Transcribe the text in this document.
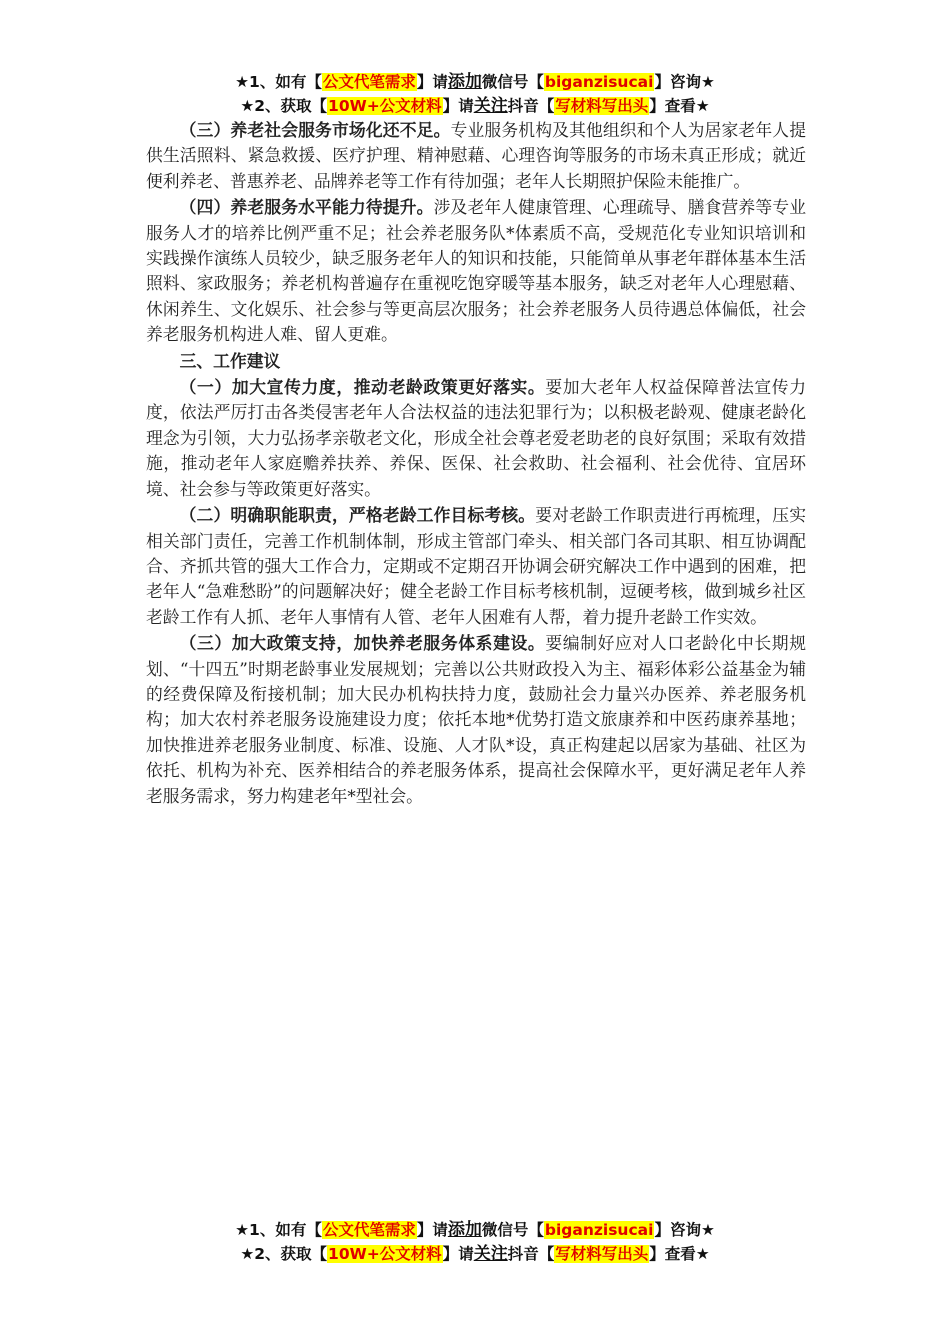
★1、如有【公文代笔需求】请添加微信号【biganzisucai】咨询★
★2、获取【10W+公文材料】请关注抖音【写材料写出头】查看★

（三）养老社会服务市场化还不足。专业服务机构及其他组织和个人为居家老年人提供生活照料、紧急救援、医疗护理、精神慰藉、心理咨询等服务的市场未真正形成；就近便利养老、普惠养老、品牌养老等工作有待加强；老年人长期照护保险未能推广。

（四）养老服务水平能力待提升。涉及老年人健康管理、心理疏导、膳食营养等专业服务人才的培养比例严重不足；社会养老服务队*体素质不高，受规范化专业知识培训和实践操作演练人员较少，缺乏服务老年人的知识和技能，只能简单从事老年群体基本生活照料、家政服务；养老机构普遍存在重视吃饱穿暖等基本服务，缺乏对老年人心理慰藉、休闲养生、文化娱乐、社会参与等更高层次服务；社会养老服务人员待遇总体偏低，社会养老服务机构进人难、留人更难。

三、工作建议

（一）加大宣传力度，推动老龄政策更好落实。要加大老年人权益保障普法宣传力度，依法严厉打击各类侵害老年人合法权益的违法犯罪行为；以积极老龄观、健康老龄化理念为引领，大力弘扬孝亲敬老文化，形成全社会尊老爱老助老的良好氛围；采取有效措施，推动老年人家庭赡养扶养、养保、医保、社会救助、社会福利、社会优待、宜居环境、社会参与等政策更好落实。

（二）明确职能职责，严格老龄工作目标考核。要对老龄工作职责进行再梳理，压实相关部门责任，完善工作机制体制，形成主管部门牵头、相关部门各司其职、相互协调配合、齐抓共管的强大工作合力，定期或不定期召开协调会研究解决工作中遇到的困难，把老年人“急难愁盼”的问题解决好；健全老龄工作目标考核机制，逗硬考核，做到城乡社区老龄工作有人抓、老年人事情有人管、老年人困难有人帮，着力提升老龄工作实效。

（三）加大政策支持，加快养老服务体系建设。要编制好应对人口老龄化中长期规划、“十四五”时期老龄事业发展规划；完善以公共财政投入为主、福彩体彩公益基金为辅的经费保障及衔接机制；加大民办机构扶持力度，鼓励社会力量兴办医养、养老服务机构；加大农村养老服务设施建设力度；依托本地*优势打造文旅康养和中医药康养基地；加快推进养老服务业制度、标准、设施、人才队*设，真正构建起以居家为基础、社区为依托、机构为补充、医养相结合的养老服务体系，提高社会保障水平，更好满足老年人养老服务需求，努力构建老年*型社会。

★1、如有【公文代笔需求】请添加微信号【biganzisucai】咨询★
★2、获取【10W+公文材料】请关注抖音【写材料写出头】查看★
